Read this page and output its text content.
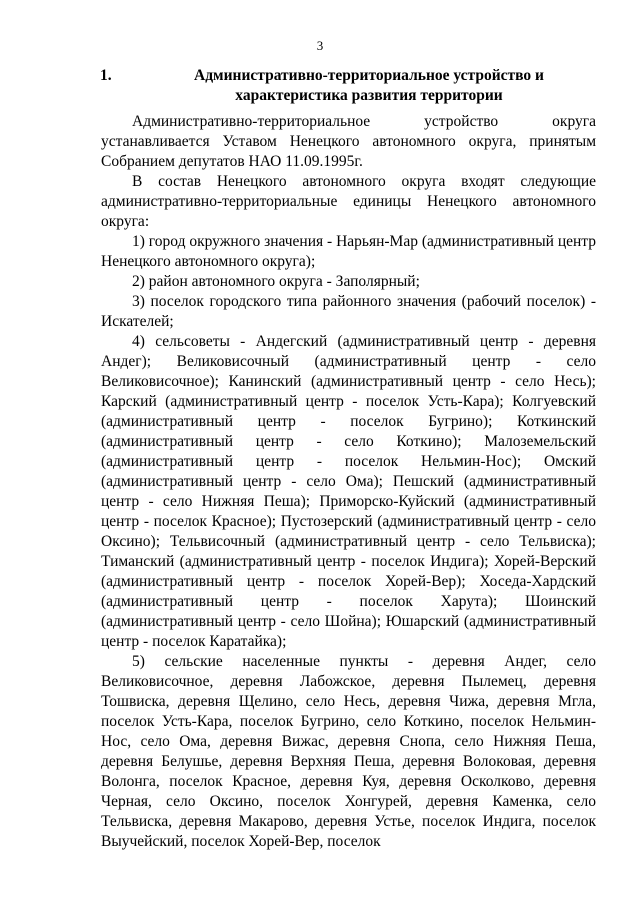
3
1.	Административно-территориальное устройство и характеристика развития территории

Административно-территориальное устройство округа устанавливается Уставом Ненецкого автономного округа, принятым Собранием депутатов НАО 11.09.1995г.

В состав Ненецкого автономного округа входят следующие административно-территориальные единицы Ненецкого автономного округа:

1) город окружного значения - Нарьян-Мар (административный центр Ненецкого автономного округа);

2) район автономного округа - Заполярный;

3) поселок городского типа районного значения (рабочий поселок) - Искателей;

4) сельсоветы - Андегский (административный центр - деревня Андег); Великовисочный (административный центр - село Великовисочное); Канинский (административный центр - село Несь); Карский (административный центр - поселок Усть-Кара); Колгуевский (административный центр - поселок Бугрино); Коткинский (административный центр - село Коткино); Малоземельский (административный центр - поселок Нельмин-Нос); Омский (административный центр - село Ома); Пешский (административный центр - село Нижняя Пеша); Приморско-Куйский (административный центр - поселок Красное); Пустозерский (административный центр - село Оксино); Тельвисочный (административный центр - село Тельвиска); Тиманский (административный центр - поселок Индига); Хорей-Верский (административный центр - поселок Хорей-Вер); Хоседа-Хардский (административный центр - поселок Харута); Шоинский (административный центр - село Шойна); Юшарский (административный центр - поселок Каратайка);

5) сельские населенные пункты - деревня Андег, село Великовисочное, деревня Лабожское, деревня Пылемец, деревня Тошвиска, деревня Щелино, село Несь, деревня Чижа, деревня Мгла, поселок Усть-Кара, поселок Бугрино, село Коткино, поселок Нельмин-Нос, село Ома, деревня Вижас, деревня Снопа, село Нижняя Пеша, деревня Белушье, деревня Верхняя Пеша, деревня Волоковая, деревня Волонга, поселок Красное, деревня Куя, деревня Осколково, деревня Черная, село Оксино, поселок Хонгурей, деревня Каменка, село Тельвиска, деревня Макарово, деревня Устье, поселок Индига, поселок Выучейский, поселок Хорей-Вер, поселок
